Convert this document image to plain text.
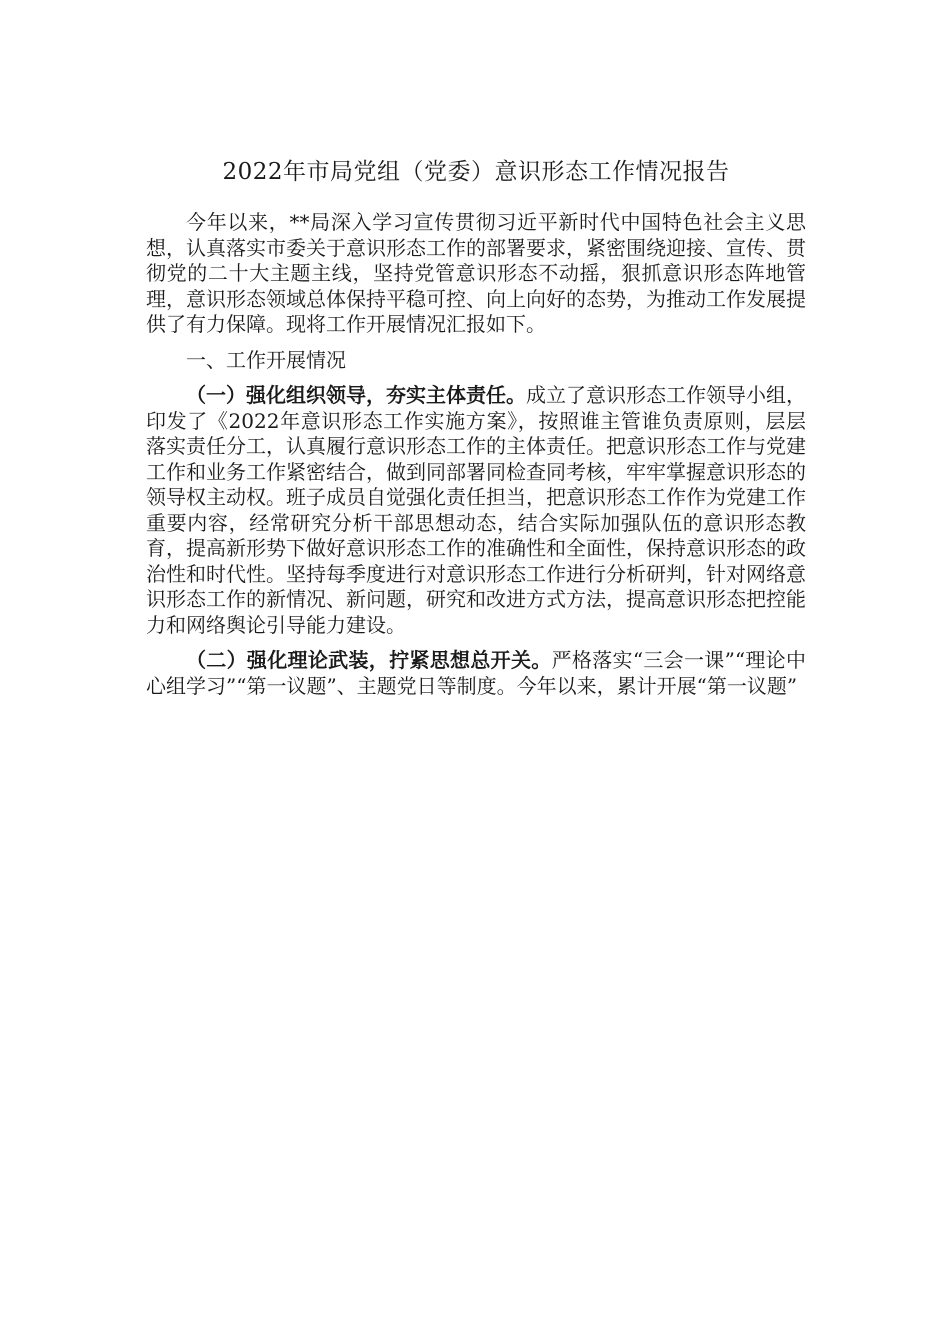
2022年市局党组（党委）意识形态工作情况报告

今年以来，**局深入学习宣传贯彻习近平新时代中国特色社会主义思想，认真落实市委关于意识形态工作的部署要求，紧密围绕迎接、宣传、贯彻党的二十大主题主线，坚持党管意识形态不动摇，狠抓意识形态阵地管理，意识形态领域总体保持平稳可控、向上向好的态势，为推动工作发展提供了有力保障。现将工作开展情况汇报如下。

一、工作开展情况

（一）强化组织领导，夯实主体责任。成立了意识形态工作领导小组，印发了《2022年意识形态工作实施方案》，按照谁主管谁负责原则，层层落实责任分工，认真履行意识形态工作的主体责任。把意识形态工作与党建工作和业务工作紧密结合，做到同部署同检查同考核，牢牢掌握意识形态的领导权主动权。班子成员自觉强化责任担当，把意识形态工作作为党建工作重要内容，经常研究分析干部思想动态，结合实际加强队伍的意识形态教育，提高新形势下做好意识形态工作的准确性和全面性，保持意识形态的政治性和时代性。坚持每季度进行对意识形态工作进行分析研判，针对网络意识形态工作的新情况、新问题，研究和改进方式方法，提高意识形态把控能力和网络舆论引导能力建设。

（二）强化理论武装，拧紧思想总开关。严格落实“三会一课”“理论中心组学习”“第一议题”、主题党日等制度。今年以来，累计开展“第一议题”
